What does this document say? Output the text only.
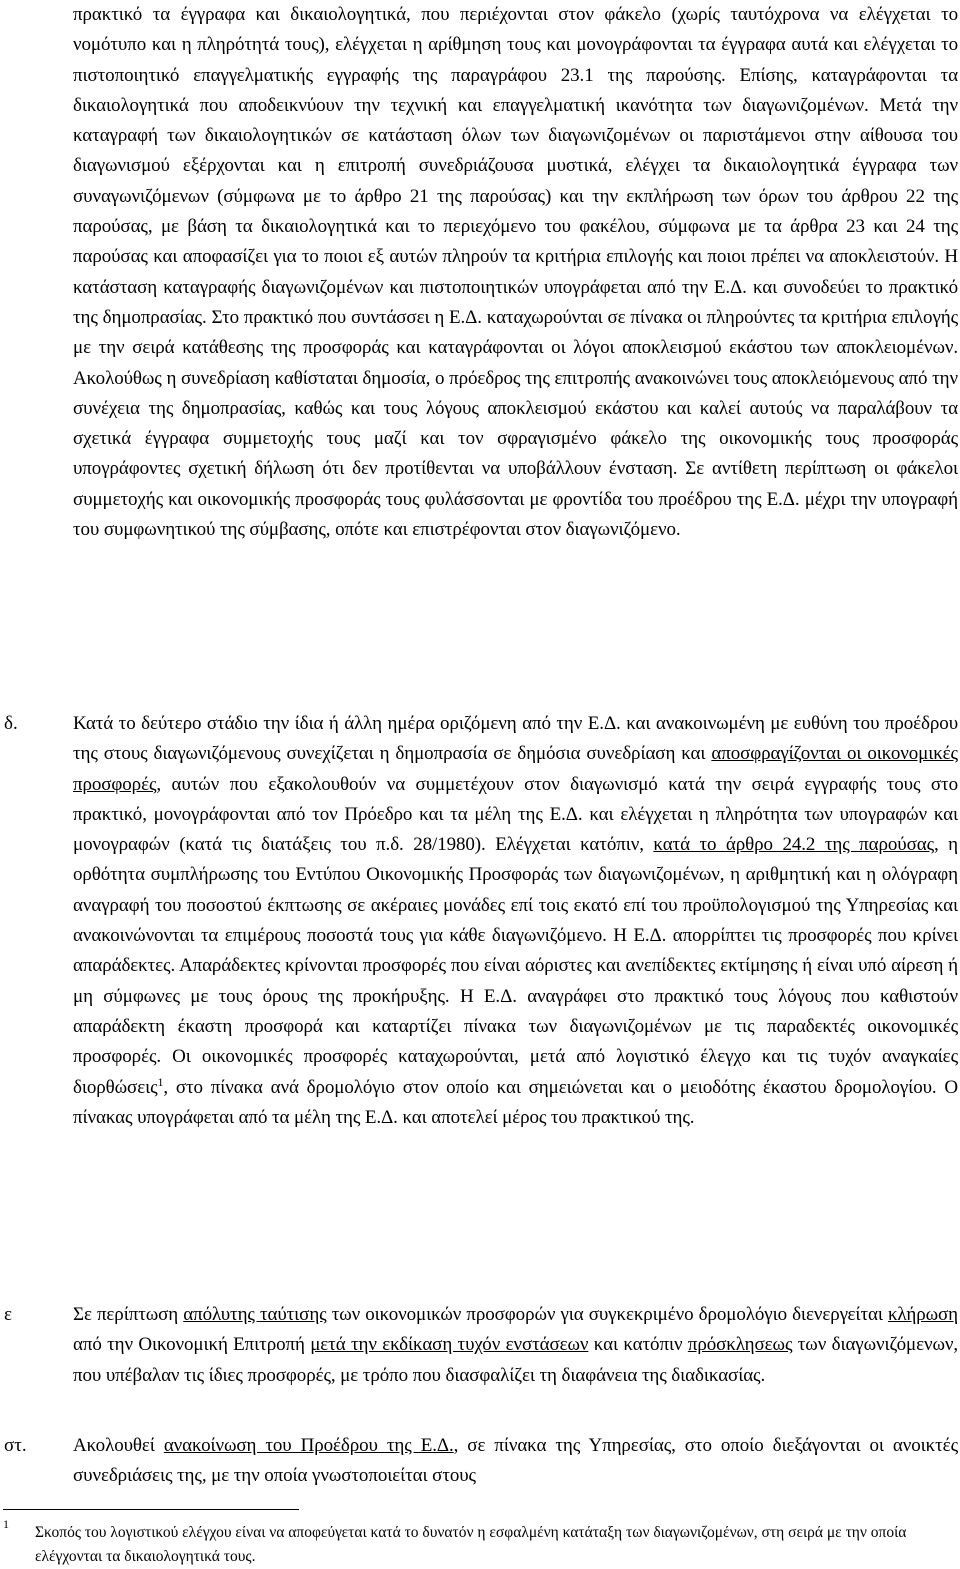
πρακτικό τα έγγραφα και δικαιολογητικά, που περιέχονται στον φάκελο (χωρίς ταυτόχρονα να ελέγχεται το νομότυπο και η πληρότητά τους), ελέγχεται η αρίθμηση τους και μονογράφονται τα έγγραφα αυτά και ελέγχεται το πιστοποιητικό επαγγελματικής εγγραφής της παραγράφου 23.1 της παρούσης. Επίσης, καταγράφονται τα δικαιολογητικά που αποδεικνύουν την τεχνική και επαγγελματική ικανότητα των διαγωνιζομένων. Μετά την καταγραφή των δικαιολογητικών σε κατάσταση όλων των διαγωνιζομένων οι παριστάμενοι στην αίθουσα του διαγωνισμού εξέρχονται και η επιτροπή συνεδριάζουσα μυστικά, ελέγχει τα δικαιολογητικά έγγραφα των συναγωνιζόμενων (σύμφωνα με το άρθρο 21 της παρούσας) και την εκπλήρωση των όρων του άρθρου 22 της παρούσας, με βάση τα δικαιολογητικά και το περιεχόμενο του φακέλου, σύμφωνα με τα άρθρα 23 και 24 της παρούσας και αποφασίζει για το ποιοι εξ αυτών πληρούν τα κριτήρια επιλογής και ποιοι πρέπει να αποκλειστούν. Η κατάσταση καταγραφής διαγωνιζομένων και πιστοποιητικών υπογράφεται από την Ε.Δ. και συνοδεύει το πρακτικό της δημοπρασίας. Στο πρακτικό που συντάσσει η Ε.Δ. καταχωρούνται σε πίνακα οι πληρούντες τα κριτήρια επιλογής με την σειρά κατάθεσης της προσφοράς και καταγράφονται οι λόγοι αποκλεισμού εκάστου των αποκλειομένων. Ακολούθως η συνεδρίαση καθίσταται δημοσία, ο πρόεδρος της επιτροπής ανακοινώνει τους αποκλειόμενους από την συνέχεια της δημοπρασίας, καθώς και τους λόγους αποκλεισμού εκάστου και καλεί αυτούς να παραλάβουν τα σχετικά έγγραφα συμμετοχής τους μαζί και τον σφραγισμένο φάκελο της οικονομικής τους προσφοράς υπογράφοντες σχετική δήλωση ότι δεν προτίθενται να υποβάλλουν ένσταση. Σε αντίθετη περίπτωση οι φάκελοι συμμετοχής και οικονομικής προσφοράς τους φυλάσσονται με φροντίδα του προέδρου της Ε.Δ. μέχρι την υπογραφή του συμφωνητικού της σύμβασης, οπότε και επιστρέφονται στον διαγωνιζόμενο.
δ.	Κατά το δεύτερο στάδιο την ίδια ή άλλη ημέρα οριζόμενη από την Ε.Δ. και ανακοινωμένη με ευθύνη του προέδρου της στους διαγωνιζόμενους συνεχίζεται η δημοπρασία σε δημόσια συνεδρίαση και αποσφραγίζονται οι οικονομικές προσφορές, αυτών που εξακολουθούν να συμμετέχουν στον διαγωνισμό κατά την σειρά εγγραφής τους στο πρακτικό, μονογράφονται από τον Πρόεδρο και τα μέλη της Ε.Δ. και ελέγχεται η πληρότητα των υπογραφών και μονογραφών (κατά τις διατάξεις του π.δ. 28/1980). Ελέγχεται κατόπιν, κατά το άρθρο 24.2 της παρούσας, η ορθότητα συμπλήρωσης του Εντύπου Οικονομικής Προσφοράς των διαγωνιζομένων, η αριθμητική και η ολόγραφη αναγραφή του ποσοστού έκπτωσης σε ακέραιες μονάδες επί τοις εκατό επί του προϋπολογισμού της Υπηρεσίας και ανακοινώνονται τα επιμέρους ποσοστά τους για κάθε διαγωνιζόμενο. Η Ε.Δ. απορρίπτει τις προσφορές που κρίνει απαράδεκτες. Απαράδεκτες κρίνονται προσφορές που είναι αόριστες και ανεπίδεκτες εκτίμησης ή είναι υπό αίρεση ή μη σύμφωνες με τους όρους της προκήρυξης. Η Ε.Δ. αναγράφει στο πρακτικό τους λόγους που καθιστούν απαράδεκτη έκαστη προσφορά και καταρτίζει πίνακα των διαγωνιζομένων με τις παραδεκτές οικονομικές προσφορές. Οι οικονομικές προσφορές καταχωρούνται, μετά από λογιστικό έλεγχο και τις τυχόν αναγκαίες διορθώσεις$^1$, στο πίνακα ανά δρομολόγιο στον οποίο και σημειώνεται και ο μειοδότης έκαστου δρομολογίου. Ο πίνακας υπογράφεται από τα μέλη της Ε.Δ. και αποτελεί μέρος του πρακτικού της.
ε	Σε περίπτωση απόλυτης ταύτισης των οικονομικών προσφορών για συγκεκριμένο δρομολόγιο διενεργείται κλήρωση από την Οικονομική Επιτροπή μετά την εκδίκαση τυχόν ενστάσεων και κατόπιν πρόσκλησεως των διαγωνιζόμενων, που υπέβαλαν τις ίδιες προσφορές, με τρόπο που διασφαλίζει τη διαφάνεια της διαδικασίας.
στ. Ακολουθεί ανακοίνωση του Προέδρου της Ε.Δ., σε πίνακα της Υπηρεσίας, στο οποίο διεξάγονται οι ανοικτές συνεδριάσεις της, με την οποία γνωστοποιείται στους
1 Σκοπός του λογιστικού ελέγχου είναι να αποφεύγεται κατά το δυνατόν η εσφαλμένη κατάταξη των διαγωνιζομένων, στη σειρά με την οποία ελέγχονται τα δικαιολογητικά τους.
